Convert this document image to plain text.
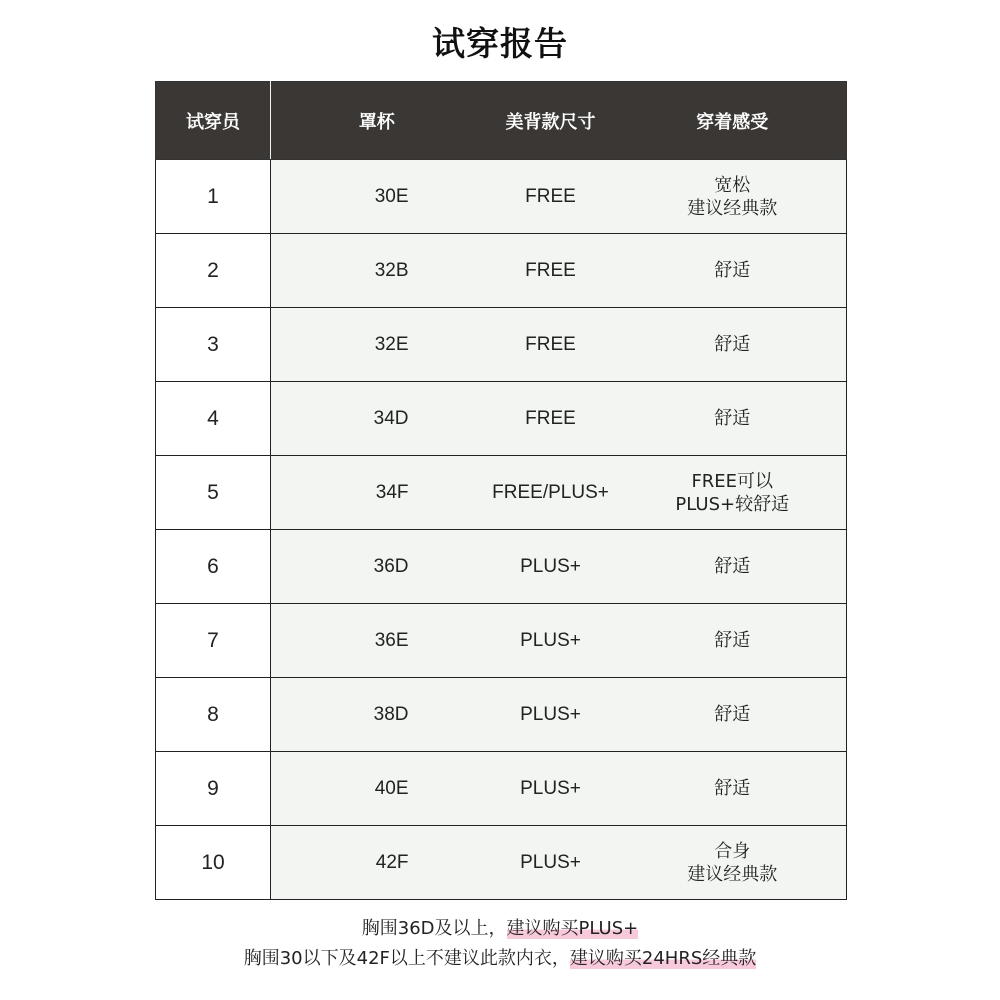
试穿报告
试穿员	罩杯	美背款尺寸	穿着感受
1	30E	FREE	宽松
建议经典款

2	32B	FREE	舒适

3	32E	FREE	舒适

4	34D	FREE	舒适

5	34F	FREE/PLUS+	FREE可以
PLUS+较舒适

6	36D	PLUS+	舒适

7	36E	PLUS+	舒适

8	38D	PLUS+	舒适

9	40E	PLUS+	舒适

10	42F	PLUS+	合身
建议经典款
胸围36D及以上，建议购买PLUS+
胸围30以下及42F以上不建议此款内衣，建议购买24HRS经典款
